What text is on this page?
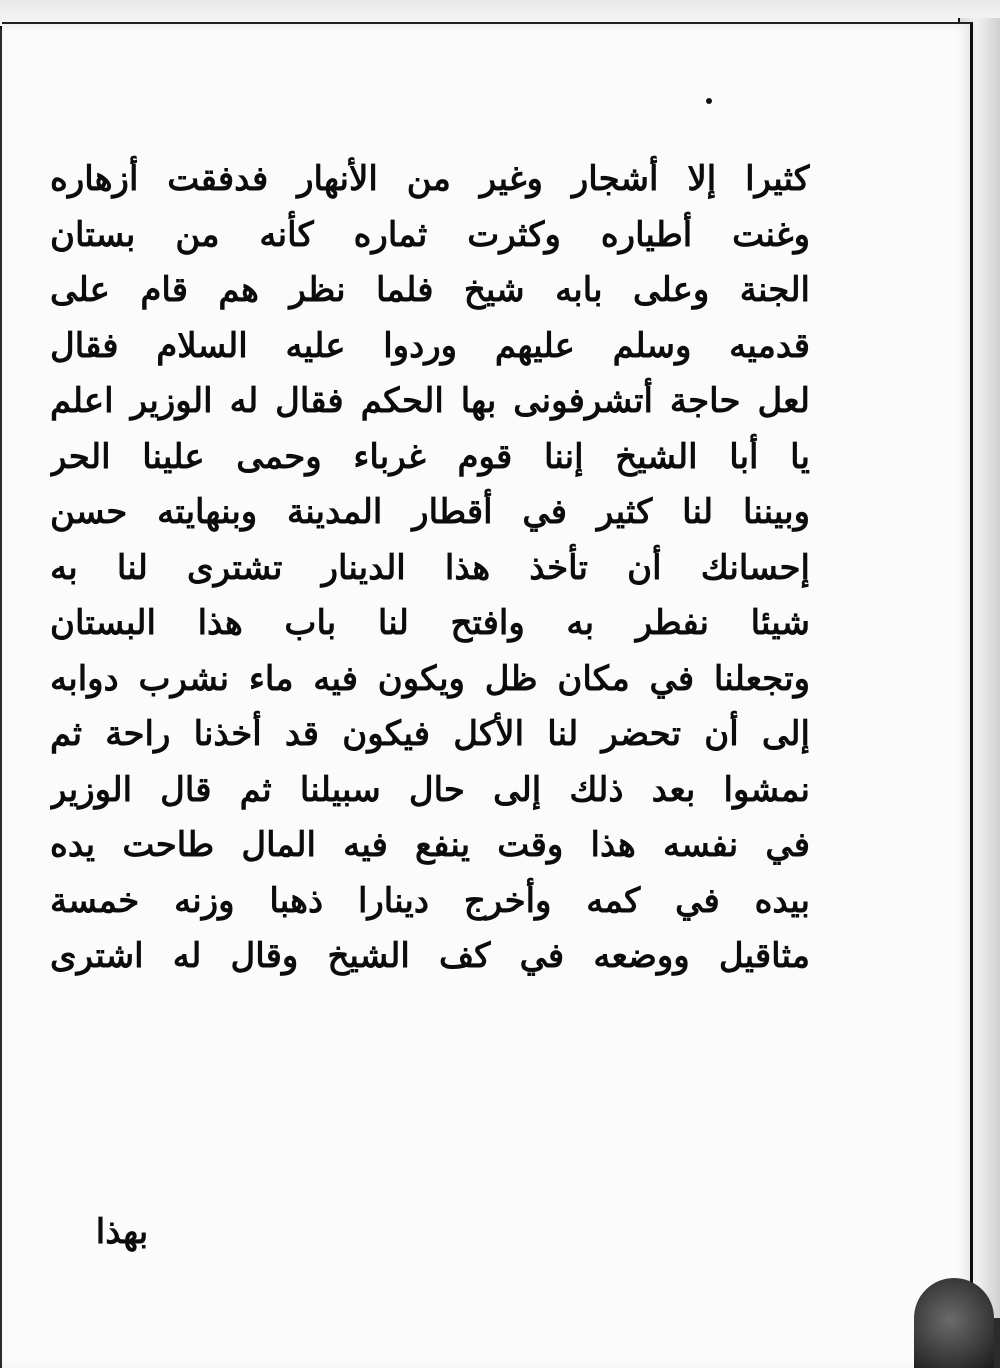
كثيرا إلا أشجار وغير من الأنهار فدفقت أزهاره
وغنت أطياره وكثرت ثماره كأنه من بستان
الجنة وعلى بابه شيخ فلما نظر هم قام على
قدميه وسلم عليهم وردوا عليه السلام فقال
لعل حاجة أتشرفونى بها الحكم فقال له الوزير اعلم
يا أبا الشيخ إننا قوم غرباء وحمى علينا الحر
وبيننا لنا كثير في أقطار المدينة وبنهايته حسن
إحسانك أن تأخذ هذا الدينار تشترى لنا به
شيئا نفطر به وافتح لنا باب هذا البستان
وتجعلنا في مكان ظل ويكون فيه ماء نشرب دوابه
إلى أن تحضر لنا الأكل فيكون قد أخذنا راحة ثم
نمشوا بعد ذلك إلى حال سبيلنا ثم قال الوزير
في نفسه هذا وقت ينفع فيه المال طاحت يده
بيده في كمه وأخرج دينارا ذهبا وزنه خمسة
مثاقيل ووضعه في كف الشيخ وقال له اشترى
بهذا
